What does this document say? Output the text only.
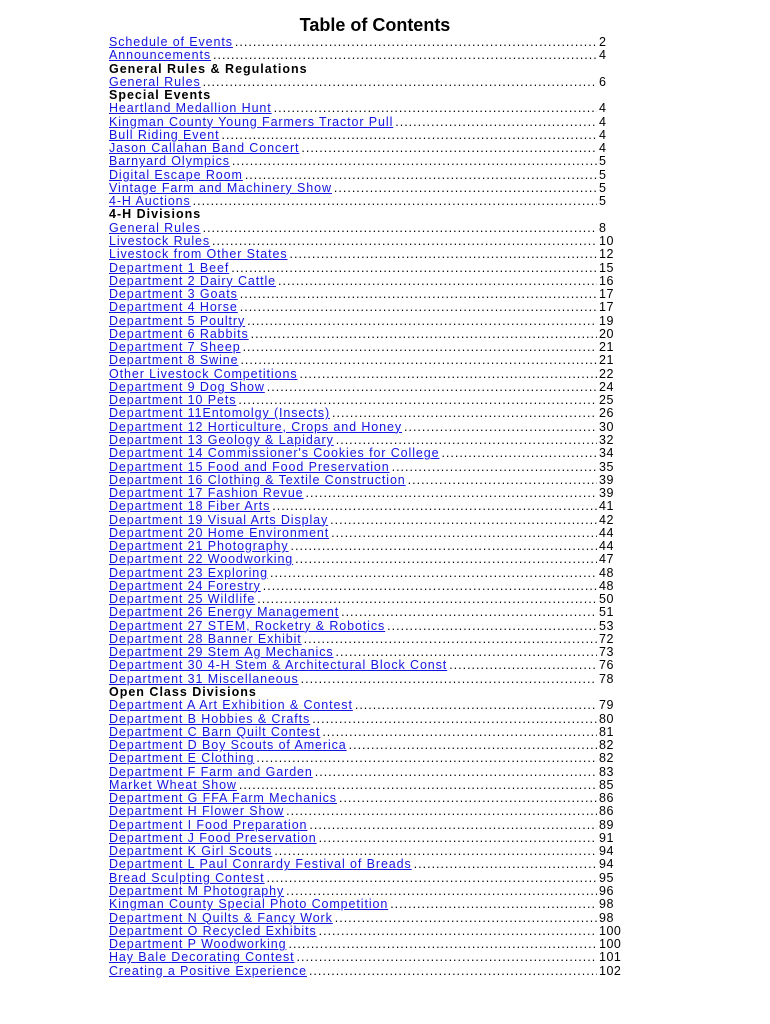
Table of Contents
Schedule of Events .....	2
Announcements .....	4
General Rules & Regulations
General Rules .....	6
Special Events
Heartland Medallion Hunt .....	4
Kingman County Young Farmers Tractor Pull .....	4
Bull Riding Event .....	4
Jason Callahan Band Concert .....	4
Barnyard Olympics .....	5
Digital Escape Room .....	5
Vintage Farm and Machinery Show .....	5
4-H Auctions .....	5
4-H Divisions
General Rules .....	8
Livestock Rules .....	10
Livestock from Other States .....	12
Department 1 Beef .....	15
Department 2 Dairy Cattle .....	16
Department 3 Goats .....	17
Department 4 Horse .....	17
Department 5 Poultry .....	19
Department 6 Rabbits .....	20
Department 7 Sheep .....	21
Department 8 Swine .....	21
Other Livestock Competitions .....	22
Department 9 Dog Show .....	24
Department 10 Pets .....	25
Department 11Entomolgy (Insects) .....	26
Department 12 Horticulture, Crops and Honey .....	30
Department 13 Geology & Lapidary .....	32
Department 14 Commissioner's Cookies for College .....	34
Department 15 Food and Food Preservation .....	35
Department 16 Clothing & Textile Construction .....	39
Department 17 Fashion Revue .....	39
Department 18 Fiber Arts .....	41
Department 19 Visual Arts Display .....	42
Department 20 Home Environment .....	44
Department 21 Photography .....	44
Department 22 Woodworking .....	47
Department 23 Exploring .....	48
Department 24 Forestry .....	48
Department 25 Wildlife .....	50
Department 26 Energy Management .....	51
Department 27 STEM, Rocketry & Robotics .....	53
Department 28 Banner Exhibit .....	72
Department 29 Stem Ag Mechanics .....	73
Department 30 4-H Stem & Architectural Block Const .....	76
Department 31 Miscellaneous .....	78
Open Class Divisions
Department A Art Exhibition & Contest .....	79
Department B Hobbies & Crafts .....	80
Department C Barn Quilt Contest .....	81
Department D Boy Scouts of America .....	82
Department E Clothing .....	82
Department F Farm and Garden .....	83
Market Wheat Show .....	85
Department G FFA Farm Mechanics .....	86
Department H Flower Show .....	86
Department I Food Preparation .....	89
Department J Food Preservation .....	91
Department K Girl Scouts .....	94
Department L Paul Conrardy Festival of Breads .....	94
Bread Sculpting Contest .....	95
Department M Photography .....	96
Kingman County Special Photo Competition .....	98
Department N Quilts & Fancy Work .....	98
Department O Recycled Exhibits .....	100
Department P Woodworking .....	100
Hay Bale Decorating Contest .....	101
Creating a Positive Experience .....	102
